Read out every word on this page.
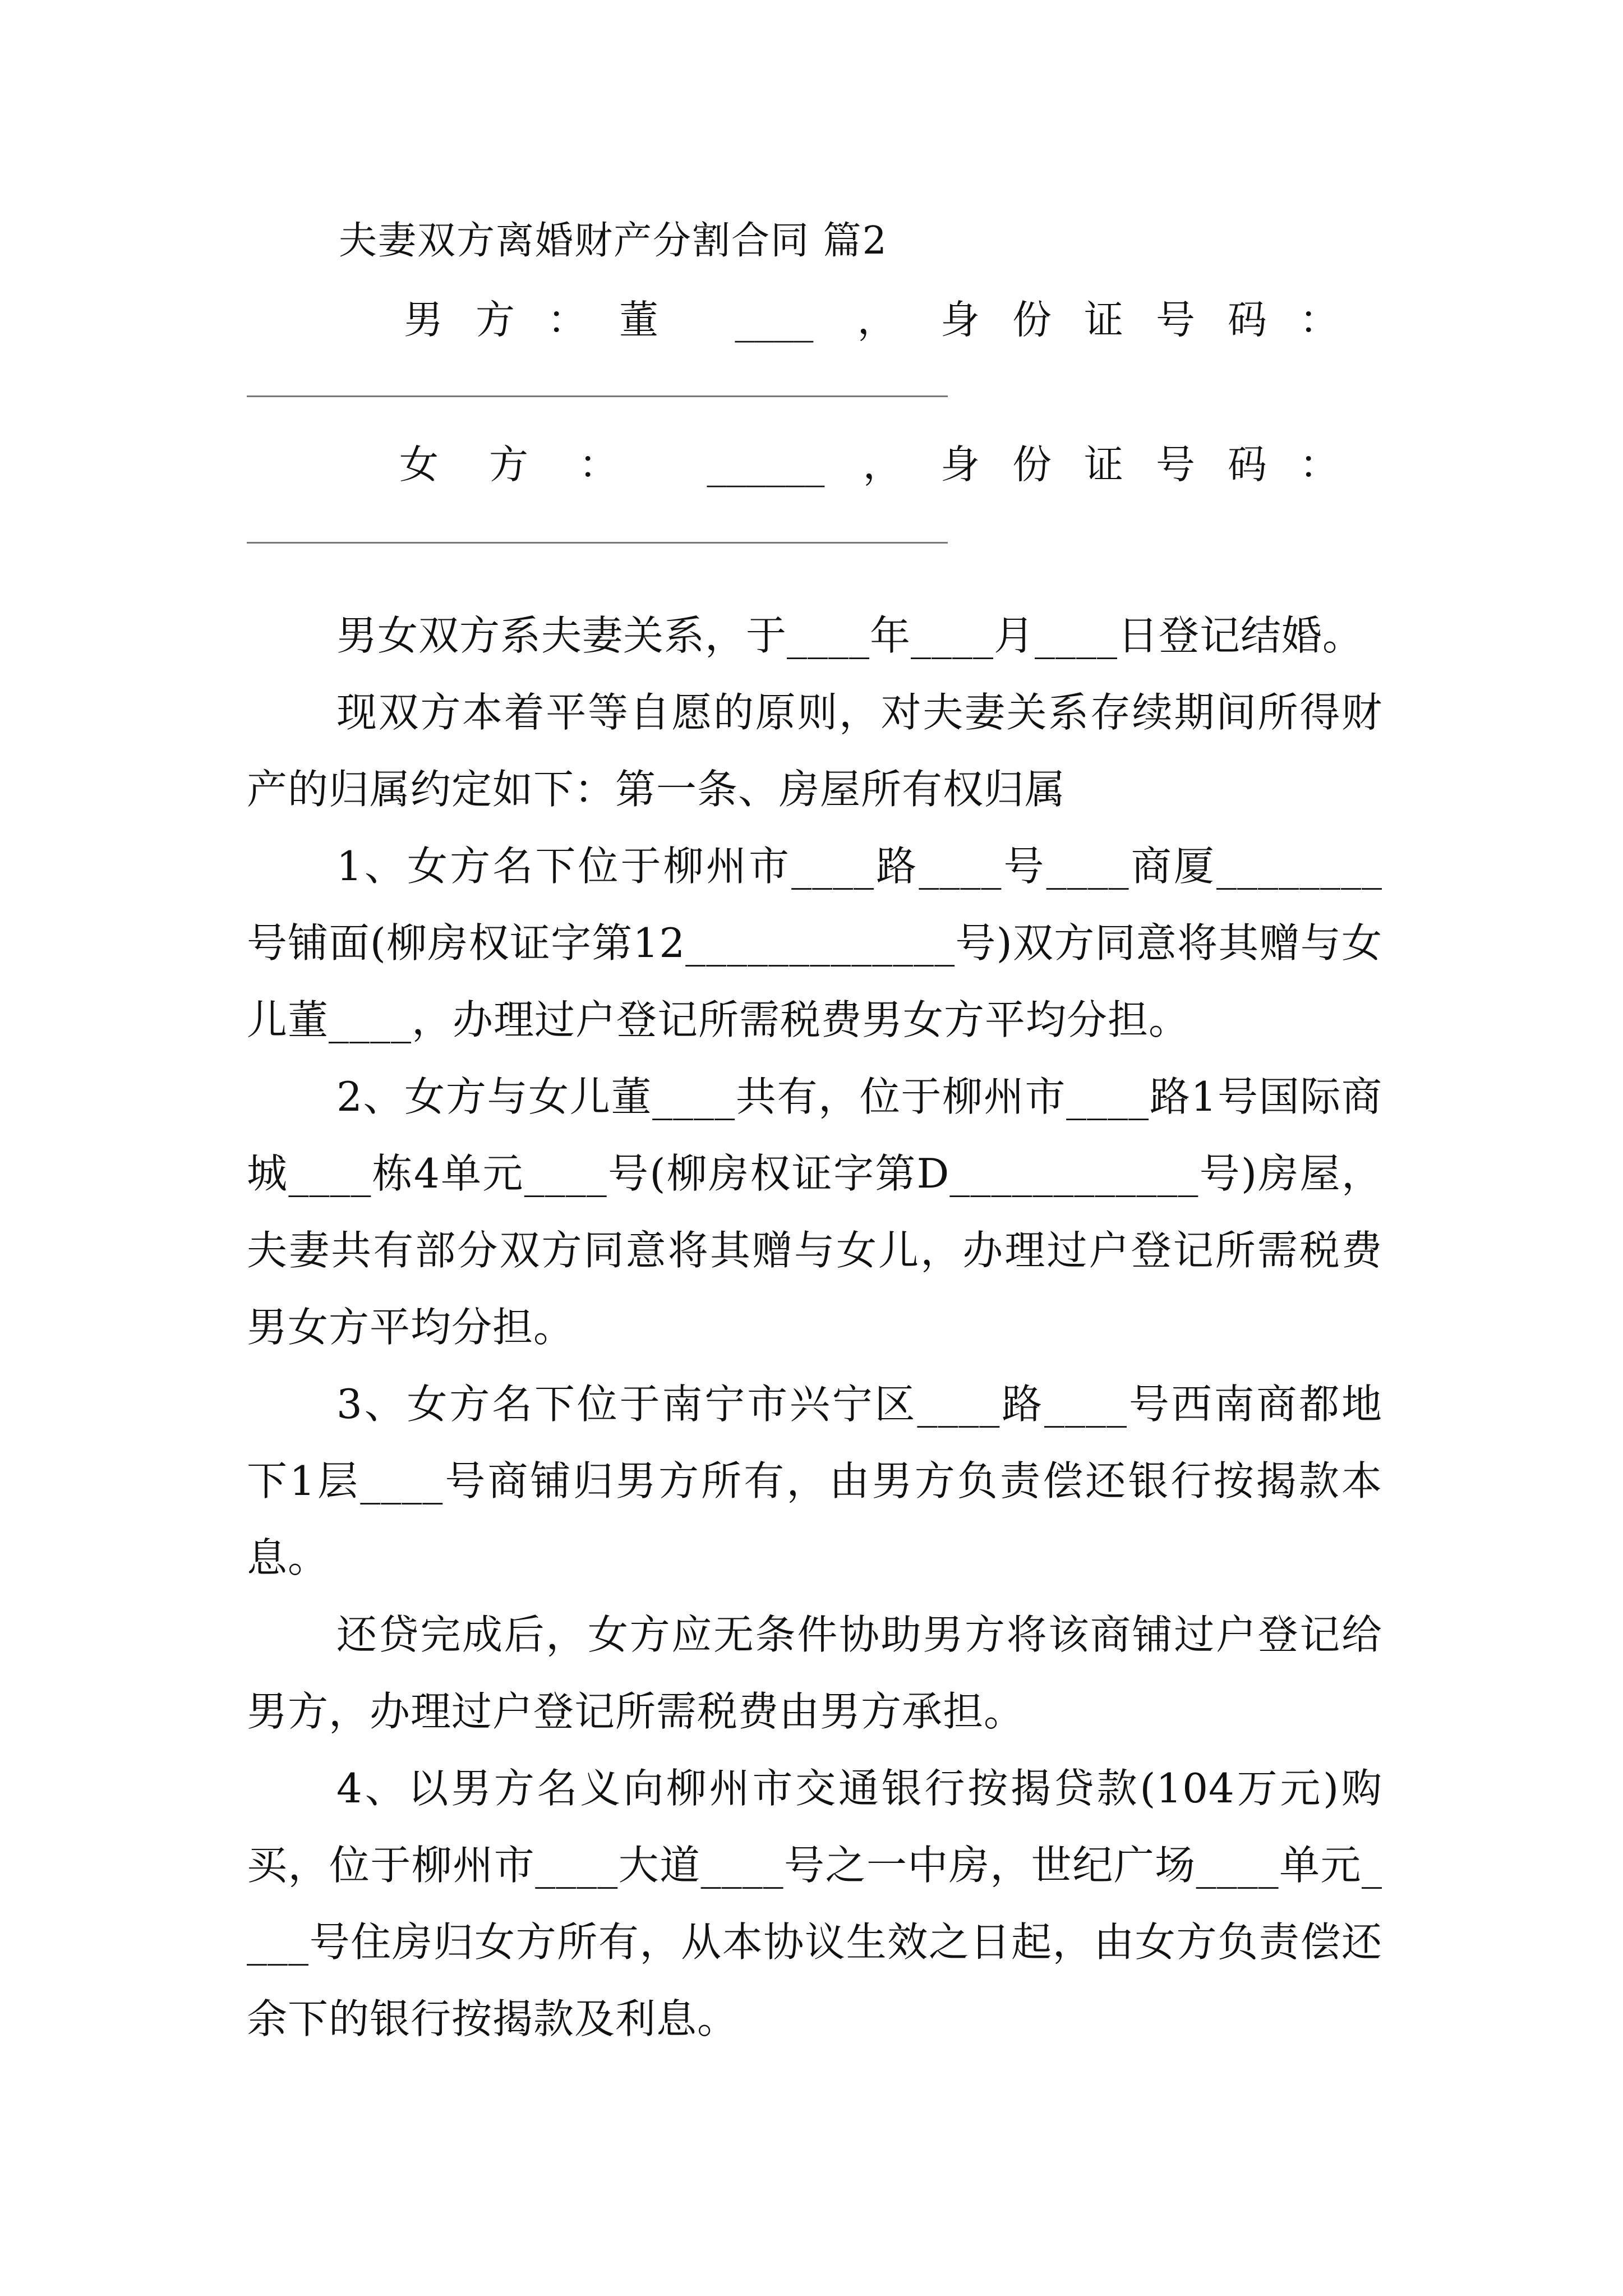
夫妻双方离婚财产分割合同 篇2
男方：董 ____ ， 身份证号码：
女方： ______ ， 身份证号码：

男女双方系夫妻关系，于____年____月____日登记结婚。

现双方本着平等自愿的原则，对夫妻关系存续期间所得财产的归属约定如下：第一条、房屋所有权归属

1、女方名下位于柳州市____路____号____商厦________号铺面(柳房权证字第12_____________号)双方同意将其赠与女儿董____，办理过户登记所需税费男女方平均分担。

2、女方与女儿董____共有，位于柳州市____路1号国际商城____栋4单元____号(柳房权证字第D____________号)房屋，夫妻共有部分双方同意将其赠与女儿，办理过户登记所需税费男女方平均分担。

3、女方名下位于南宁市兴宁区____路____号西南商都地下1层____号商铺归男方所有，由男方负责偿还银行按揭款本息。

还贷完成后，女方应无条件协助男方将该商铺过户登记给男方，办理过户登记所需税费由男方承担。

4、以男方名义向柳州市交通银行按揭贷款(104万元)购买，位于柳州市____大道____号之一中房，世纪广场____单元____号住房归女方所有，从本协议生效之日起，由女方负责偿还余下的银行按揭款及利息。
